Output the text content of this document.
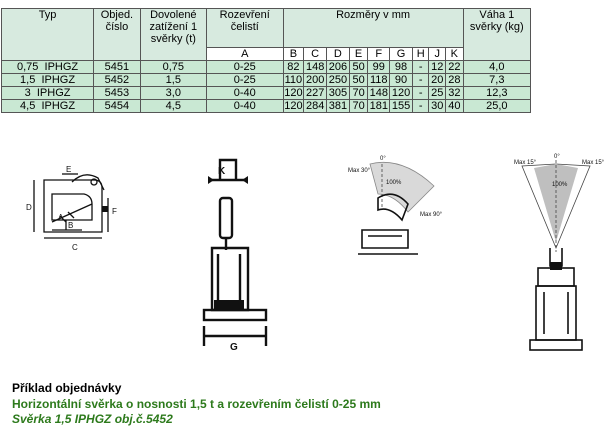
Typ	Objed. číslo	Dovolené zatížení 1 svěrky (t)	Rozevření čelistí	Rozměry v mm									Váha 1 svěrky (kg)
			A	B	C	D	E	F	G	H	J	K	
0,75 IPHGZ	5451	0,75	0-25	82	148	206	50	99	98	-	12	22	4,0
1,5 IPHGZ	5452	1,5	0-25	110	200	250	50	118	90	-	20	28	7,3
3 IPHGZ	5453	3,0	0-40	120	227	305	70	148	120	-	25	32	12,3
4,5 IPHGZ	5454	4,5	0-40	120	284	381	70	181	155	-	30	40	25,0
E
D	F
B
C
A
K
G
0°
Max 30°
100%
Max 90°
Max 15°
0°
Max 15°
100%
Příklad objednávky
Horizontální svěrka o nosnosti 1,5 t a rozevřením čelistí 0-25 mm
Svěrka 1,5 IPHGZ obj.č.5452
